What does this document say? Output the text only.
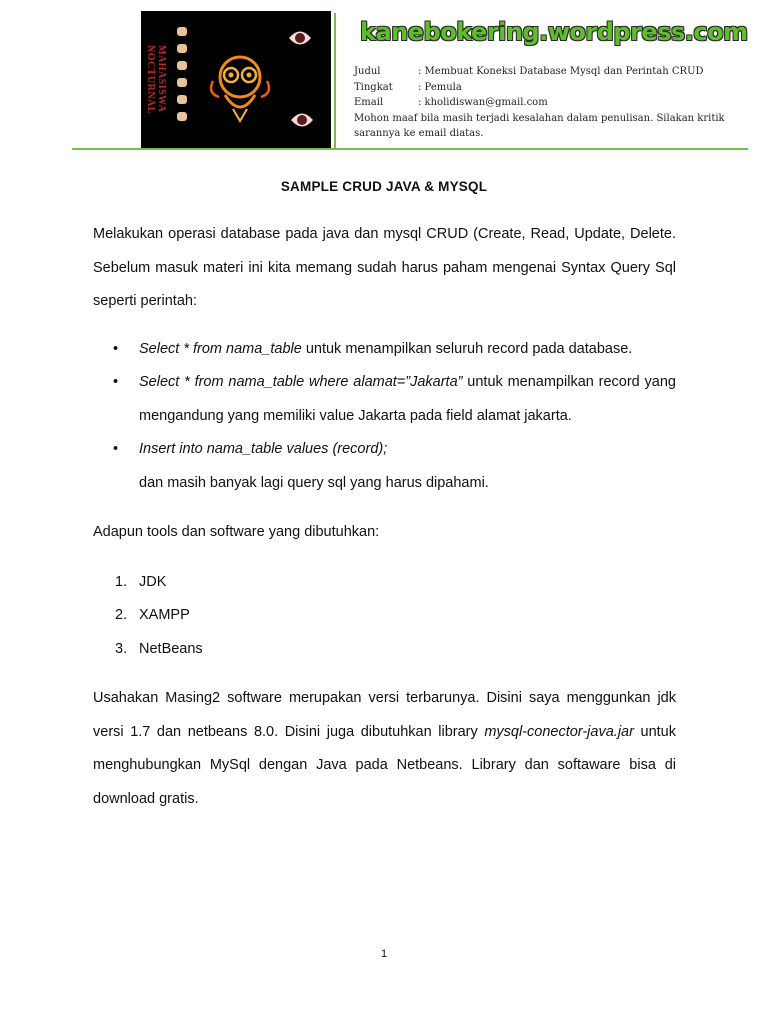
MAHASISWA NOCTURNAL
kanebokering.wordpress.com
Judul	: Membuat Koneksi Database Mysql dan Perintah CRUD
Tingkat	: Pemula
Email	: kholidiswan@gmail.com
Mohon maaf bila masih terjadi kesalahan dalam penulisan. Silakan kritik sarannya ke email diatas.
SAMPLE CRUD JAVA & MYSQL

Melakukan operasi database pada java dan mysql CRUD (Create, Read, Update, Delete. Sebelum masuk materi ini kita memang sudah harus paham mengenai Syntax Query Sql seperti perintah:

• Select * from nama_table untuk menampilkan seluruh record pada database.
• Select * from nama_table where alamat=”Jakarta” untuk menampilkan record yang mengandung yang memiliki value Jakarta pada field alamat jakarta.
• Insert into nama_table values (record);
dan masih banyak lagi query sql yang harus dipahami.

Adapun tools dan software yang dibutuhkan:

1. JDK
2. XAMPP
3. NetBeans

Usahakan Masing2 software merupakan versi terbarunya. Disini saya menggunkan jdk versi 1.7 dan netbeans 8.0. Disini juga dibutuhkan library mysql-conector-java.jar untuk menghubungkan MySql dengan Java pada Netbeans. Library dan softaware bisa di download gratis.

1
